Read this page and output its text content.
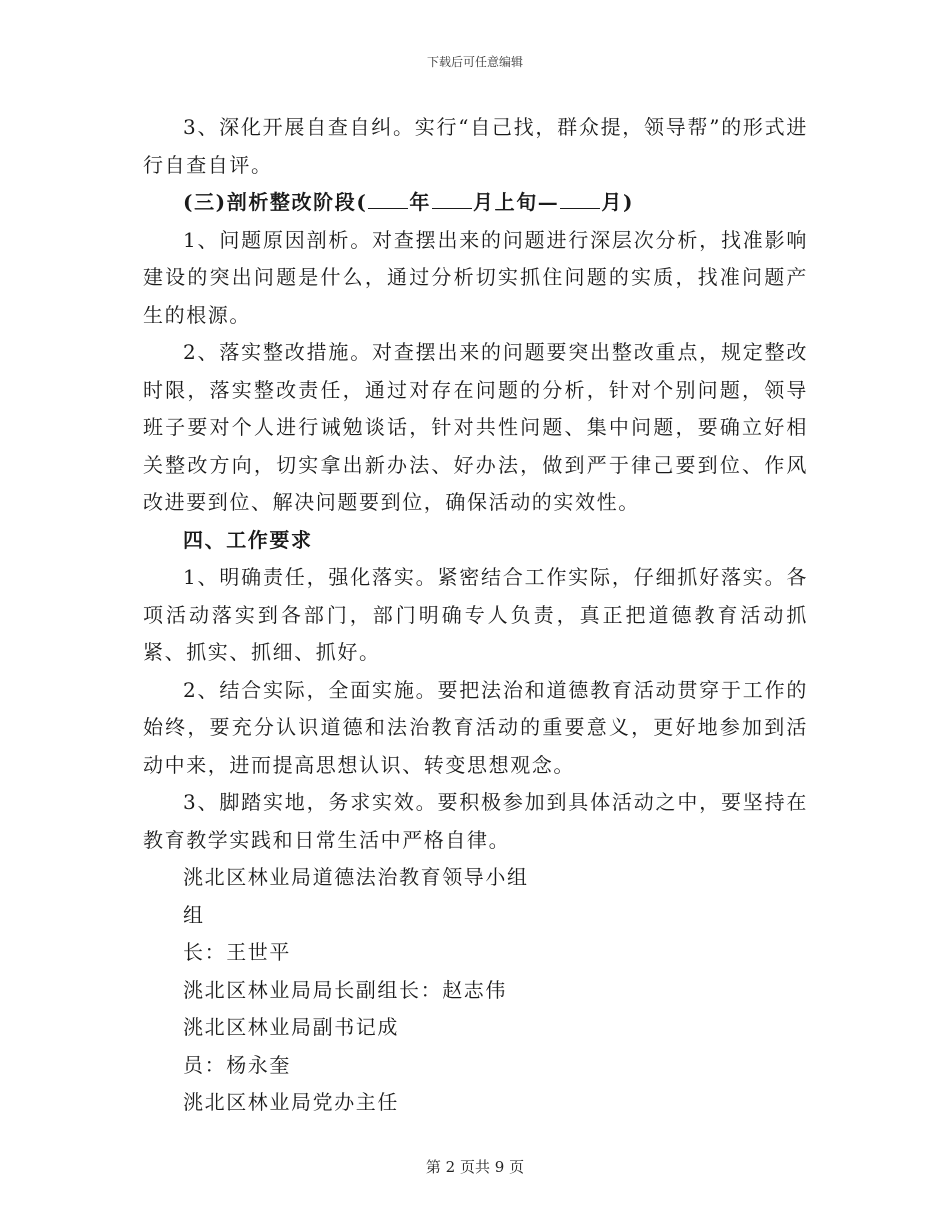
下载后可任意编辑

3、深化开展自查自纠。实行“自己找，群众提，领导帮”的形式进行自查自评。

(三)剖析整改阶段( 年 月上旬— 月)

1、问题原因剖析。对查摆出来的问题进行深层次分析，找准影响建设的突出问题是什么，通过分析切实抓住问题的实质，找准问题产生的根源。

2、落实整改措施。对查摆出来的问题要突出整改重点，规定整改时限，落实整改责任，通过对存在问题的分析，针对个别问题，领导班子要对个人进行诫勉谈话，针对共性问题、集中问题，要确立好相关整改方向，切实拿出新办法、好办法，做到严于律己要到位、作风改进要到位、解决问题要到位，确保活动的实效性。

四、工作要求

1、明确责任，强化落实。紧密结合工作实际，仔细抓好落实。各项活动落实到各部门，部门明确专人负责，真正把道德教育活动抓紧、抓实、抓细、抓好。

2、结合实际，全面实施。要把法治和道德教育活动贯穿于工作的始终，要充分认识道德和法治教育活动的重要意义，更好地参加到活动中来，进而提高思想认识、转变思想观念。

3、脚踏实地，务求实效。要积极参加到具体活动之中，要坚持在教育教学实践和日常生活中严格自律。

洮北区林业局道德法治教育领导小组

组

长：王世平

洮北区林业局局长副组长：赵志伟

洮北区林业局副书记成

员：杨永奎

洮北区林业局党办主任

第 2 页共 9 页
